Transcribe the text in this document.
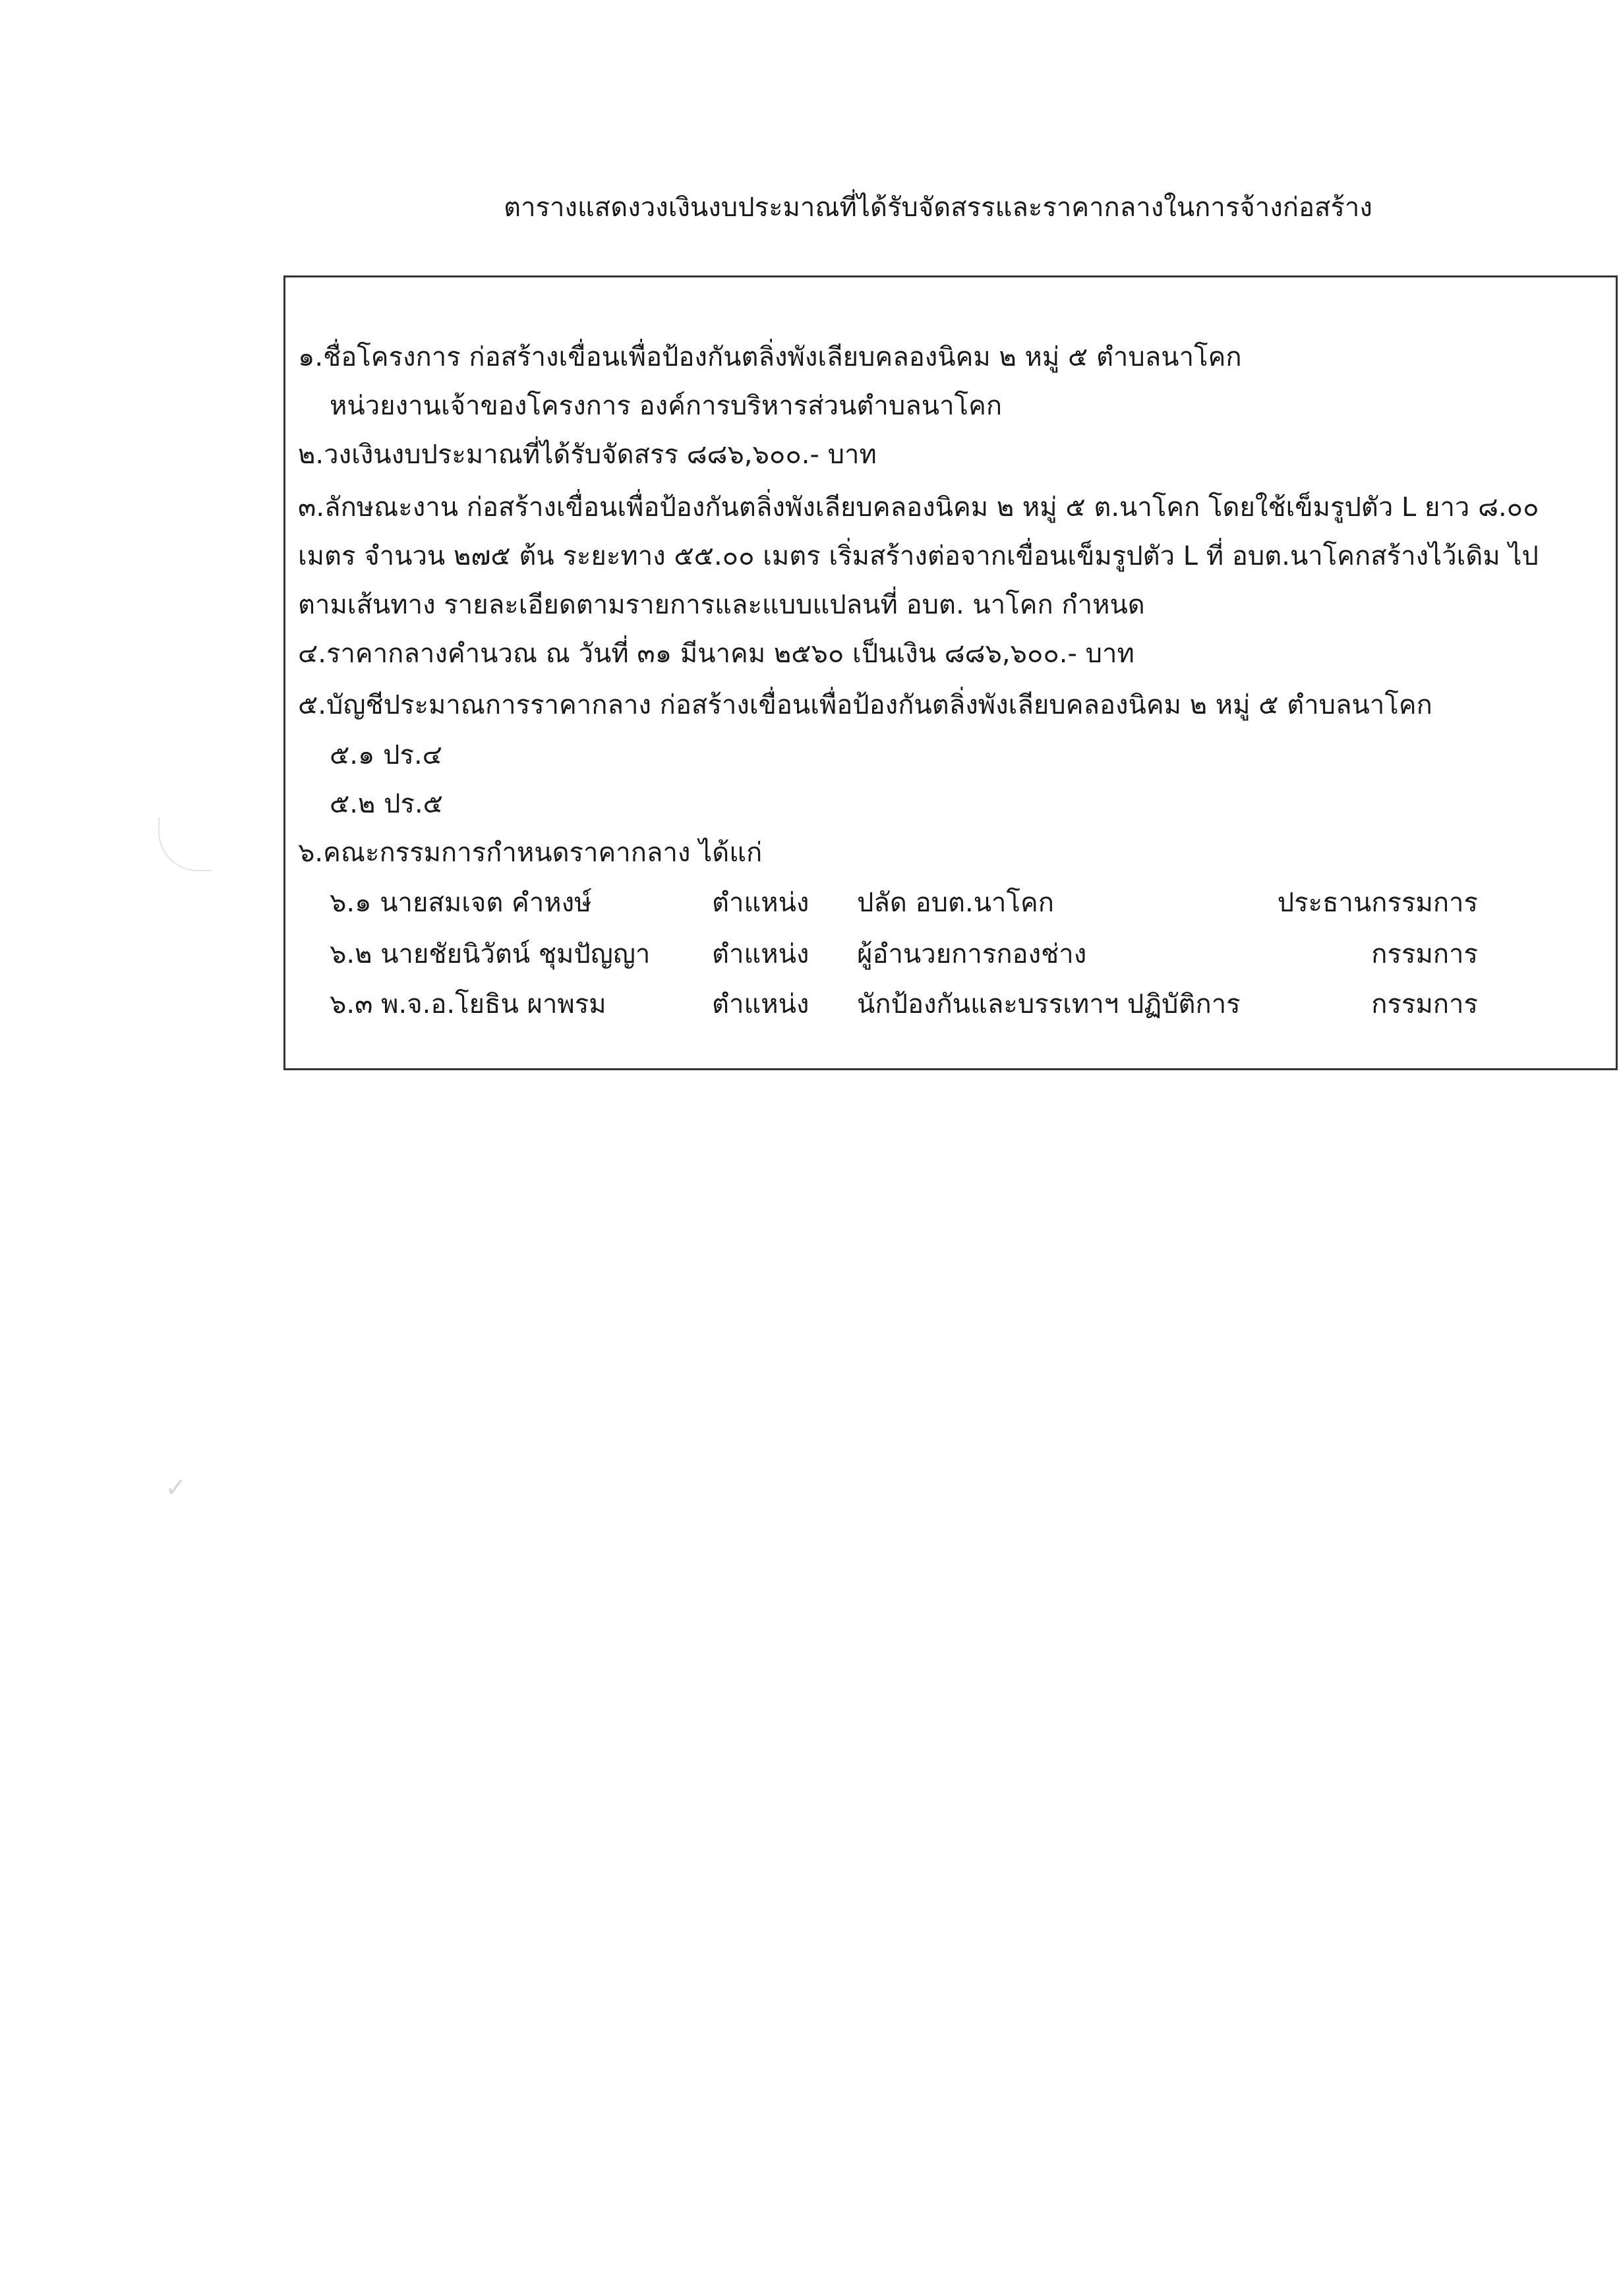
✓
ตารางแสดงวงเงินงบประมาณที่ได้รับจัดสรรและราคากลางในการจ้างก่อสร้าง
๑.ชื่อโครงการ ก่อสร้างเขื่อนเพื่อป้องกันตลิ่งพังเลียบคลองนิคม ๒ หมู่ ๕ ตำบลนาโคก
หน่วยงานเจ้าของโครงการ องค์การบริหารส่วนตำบลนาโคก
๒.วงเงินงบประมาณที่ได้รับจัดสรร ๘๘๖,๖๐๐.- บาท
๓.ลักษณะงาน ก่อสร้างเขื่อนเพื่อป้องกันตลิ่งพังเลียบคลองนิคม ๒ หมู่ ๕ ต.นาโคก โดยใช้เข็มรูปตัว L ยาว ๘.๐๐
เมตร จำนวน ๒๗๕ ต้น ระยะทาง ๕๕.๐๐ เมตร เริ่มสร้างต่อจากเขื่อนเข็มรูปตัว L ที่ อบต.นาโคกสร้างไว้เดิม ไป
ตามเส้นทาง รายละเอียดตามรายการและแบบแปลนที่ อบต. นาโคก กำหนด
๔.ราคากลางคำนวณ ณ วันที่ ๓๑ มีนาคม ๒๕๖๐ เป็นเงิน ๘๘๖,๖๐๐.- บาท
๕.บัญชีประมาณการราคากลาง ก่อสร้างเขื่อนเพื่อป้องกันตลิ่งพังเลียบคลองนิคม ๒ หมู่ ๕ ตำบลนาโคก
๕.๑ ปร.๔
๕.๒ ปร.๕
๖.คณะกรรมการกำหนดราคากลาง ได้แก่
๖.๑ นายสมเจต คำหงษ์	ตำแหน่ง ปลัด อบต.นาโคก	ประธานกรรมการ
๖.๒ นายชัยนิวัตน์ ชุมปัญญา ตำแหน่ง ผู้อำนวยการกองช่าง	กรรมการ
๖.๓ พ.จ.อ.โยธิน ผาพรม	ตำแหน่ง นักป้องกันและบรรเทาฯ ปฏิบัติการ	กรรมการ
